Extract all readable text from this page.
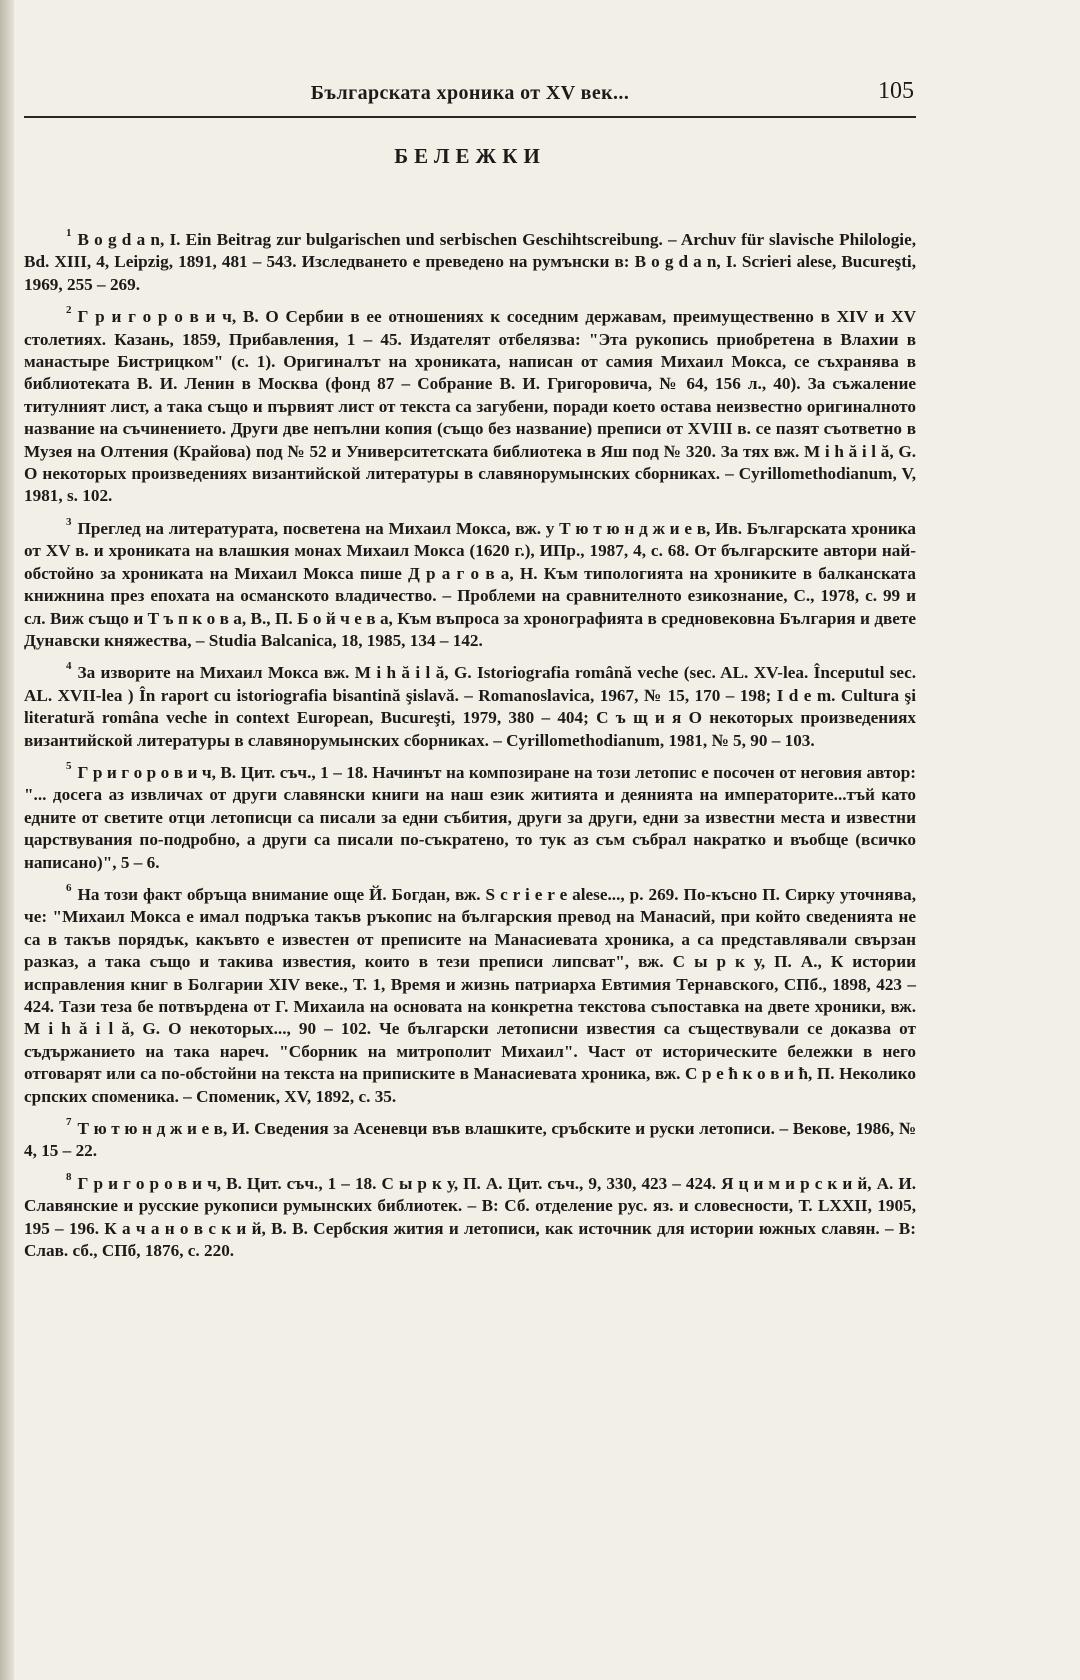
Българската хроника от XV век...	105
БЕЛЕЖКИ

$^1$ B o g d a n, I. Ein Beitrag zur bulgarischen und serbischen Geschihtscreibung. – Archuv für slavische Philologie, Bd. XIII, 4, Leipzig, 1891, 481 – 543. Изследването е преведено на румънски в: B o g d a n, I. Scrieri alese, Bucureşti, 1969, 255 – 269.

$^2$ Г р и г о р о в и ч, В. О Сербии в ее отношениях к соседним державам, преимущественно в XIV и XV столетиях. Казань, 1859, Прибавления, 1 – 45. Издателят отбелязва: "Эта рукопись приобретена в Влахии в манастыре Бистрицком" (с. 1). Оригиналът на хрониката, написан от самия Михаил Мокса, се съхранява в библиотеката В. И. Ленин в Москва (фонд 87 – Собрание В. И. Григоровича, № 64, 156 л., 40). За съжаление титулният лист, а така също и първият лист от текста са загубени, поради което остава неизвестно оригиналното название на съчинението. Други две непълни копия (също без название) преписи от XVIII в. се пазят съответно в Музея на Олтения (Крайова) под № 52 и Университетската библиотека в Яш под № 320. За тях вж. M i h ă i l ă, G. О некоторых произведениях византийской литературы в славянорумынских сборниках. – Cyrillomethodianum, V, 1981, s. 102.

$^3$ Преглед на литературата, посветена на Михаил Мокса, вж. у Т ю т ю н д ж и е в, Ив. Българската хроника от XV в. и хрониката на влашкия монах Михаил Мокса (1620 г.), ИПр., 1987, 4, с. 68. От българските автори най-обстойно за хрониката на Михаил Мокса пише Д р а г о в а, Н. Към типологията на хрониките в балканската книжнина през епохата на османското владичество. – Проблеми на сравнителното езикознание, С., 1978, с. 99 и сл. Виж също и Т ъ п к о в а, В., П. Б о й ч е в а, Към въпроса за хронографията в средновековна България и двете Дунавски княжества, – Studia Balcanica, 18, 1985, 134 – 142.

$^4$ За изворите на Михаил Мокса вж. M i h ă i l ă, G. Istoriografia română veche (sec. AL. XV-lea. Începutul sec. AL. XVII-lea ) În raport cu istoriografia bisantină şislavă. – Romanoslavica, 1967, № 15, 170 – 198; I d e m. Cultura şi literatură româna veche in context European, Bucureşti, 1979, 380 – 404; С ъ щ и я О некоторых произведениях византийской литературы в славянорумынских сборниках. – Cyrillomethodianum, 1981, № 5, 90 – 103.

$^5$ Г р и г о р о в и ч, В. Цит. съч., 1 – 18. Начинът на композиране на този летопис е посочен от неговия автор: "... досега аз извличах от други славянски книги на наш език житията и деянията на императорите...тъй като едните от светите отци летописци са писали за едни събития, други за други, едни за известни места и известни царствувания по-подробно, а други са писали по-съкратено, то тук аз съм събрал накратко и въобще (всичко написано)", 5 – 6.

$^6$ На този факт обръща внимание още Й. Богдан, вж. S c r i e r e alese..., p. 269. По-късно П. Сирку уточнява, че: "Михаил Мокса е имал подръка такъв ръкопис на българския превод на Манасий, при който сведенията не са в такъв порядък, какъвто е известен от преписите на Манасиевата хроника, а са представлявали свързан разказ, а така също и такива известия, които в тези преписи липсват", вж. С ы р к у, П. А., К истории исправления книг в Болгарии XIV веке., Т. 1, Время и жизнь патриарха Евтимия Тернавского, СПб., 1898, 423 – 424. Тази теза бе потвърдена от Г. Михаила на основата на конкретна текстова съпоставка на двете хроники, вж. M i h ă i l ă, G. О некоторых..., 90 – 102. Че български летописни известия са съществували се доказва от съдържанието на така нареч. "Сборник на митрополит Михаил". Част от историческите бележки в него отговарят или са по-обстойни на текста на приписките в Манасиевата хроника, вж. С р е ћ к о в и ћ, П. Неколико српских споменика. – Споменик, XV, 1892, с. 35.

$^7$ Т ю т ю н д ж и е в, И. Сведения за Асеневци във влашките, сръбските и руски летописи. – Векове, 1986, № 4, 15 – 22.

$^8$ Г р и г о р о в и ч, В. Цит. съч., 1 – 18. С ы р к у, П. А. Цит. съч., 9, 330, 423 – 424. Я ц и м и р с к и й, А. И. Славянские и русские рукописи румынских библиотек. – В: Сб. отделение рус. яз. и словесности, Т. LXXII, 1905, 195 – 196. К а ч а н о в с к и й, В. В. Сербския жития и летописи, как источник для истории южных славян. – В: Слав. сб., СПб, 1876, с. 220.
